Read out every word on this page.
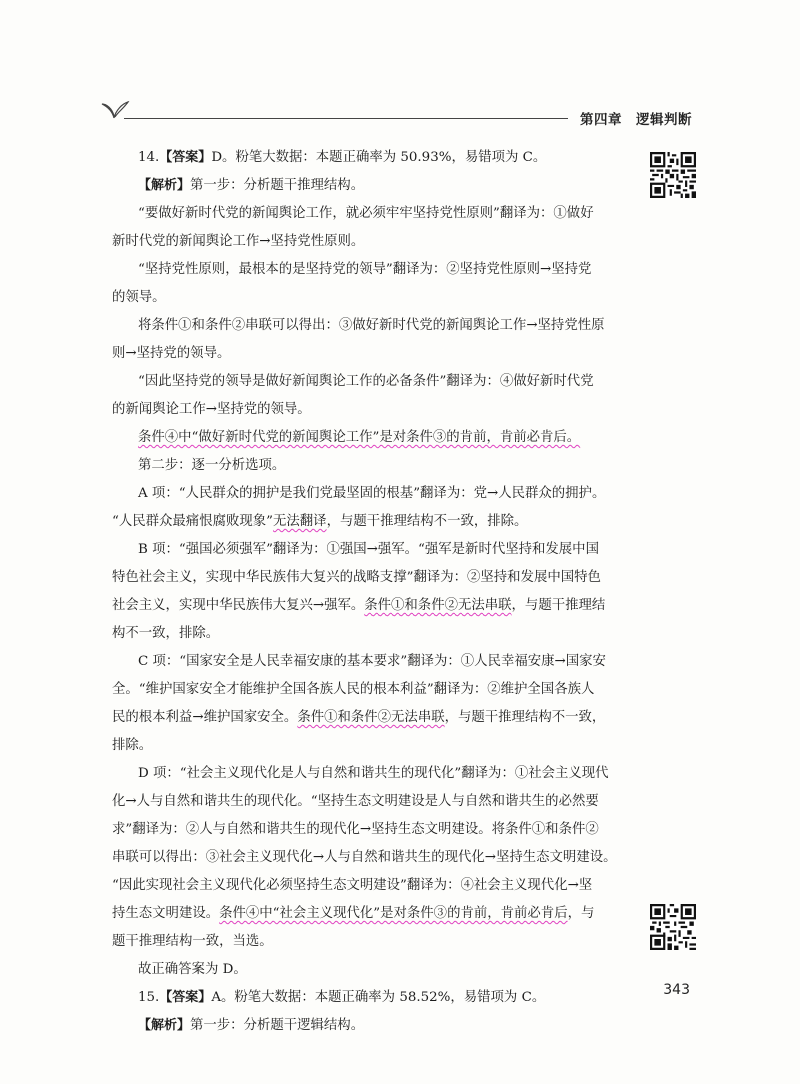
第四章 逻辑判断
14.【答案】D。粉笔大数据：本题正确率为 50.93%，易错项为 C。
【解析】第一步：分析题干推理结构。
“要做好新时代党的新闻舆论工作，就必须牢牢坚持党性原则”翻译为：①做好
新时代党的新闻舆论工作→坚持党性原则。
“坚持党性原则，最根本的是坚持党的领导”翻译为：②坚持党性原则→坚持党
的领导。
将条件①和条件②串联可以得出：③做好新时代党的新闻舆论工作→坚持党性原
则→坚持党的领导。
“因此坚持党的领导是做好新闻舆论工作的必备条件”翻译为：④做好新时代党
的新闻舆论工作→坚持党的领导。
条件④中“做好新时代党的新闻舆论工作”是对条件③的肯前，肯前必肯后。
第二步：逐一分析选项。
A 项：“人民群众的拥护是我们党最坚固的根基”翻译为：党→人民群众的拥护。
“人民群众最痛恨腐败现象”无法翻译，与题干推理结构不一致，排除。
B 项：“强国必须强军”翻译为：①强国→强军。“强军是新时代坚持和发展中国
特色社会主义，实现中华民族伟大复兴的战略支撑”翻译为：②坚持和发展中国特色
社会主义，实现中华民族伟大复兴→强军。条件①和条件②无法串联，与题干推理结
构不一致，排除。
C 项：“国家安全是人民幸福安康的基本要求”翻译为：①人民幸福安康→国家安
全。“维护国家安全才能维护全国各族人民的根本利益”翻译为：②维护全国各族人
民的根本利益→维护国家安全。条件①和条件②无法串联，与题干推理结构不一致，
排除。
D 项：“社会主义现代化是人与自然和谐共生的现代化”翻译为：①社会主义现代
化→人与自然和谐共生的现代化。“坚持生态文明建设是人与自然和谐共生的必然要
求”翻译为：②人与自然和谐共生的现代化→坚持生态文明建设。将条件①和条件②
串联可以得出：③社会主义现代化→人与自然和谐共生的现代化→坚持生态文明建设。
“因此实现社会主义现代化必须坚持生态文明建设”翻译为：④社会主义现代化→坚
持生态文明建设。条件④中“社会主义现代化”是对条件③的肯前，肯前必肯后，与
题干推理结构一致，当选。
故正确答案为 D。
15.【答案】A。粉笔大数据：本题正确率为 58.52%，易错项为 C。
【解析】第一步：分析题干逻辑结构。
343
